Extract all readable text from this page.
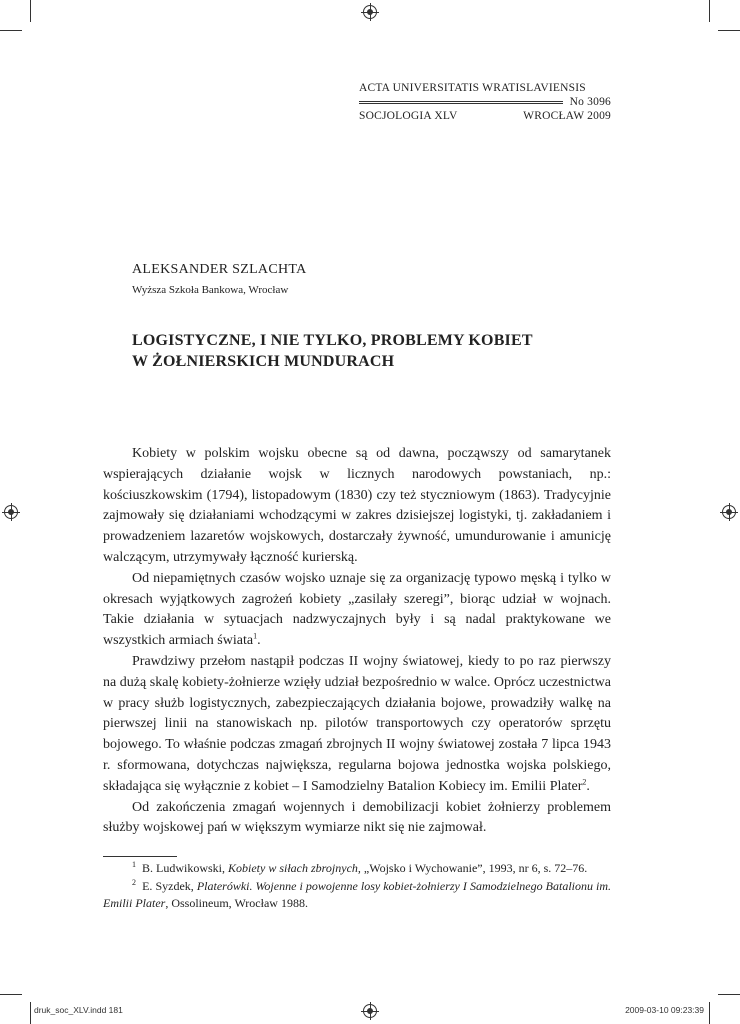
ACTA UNIVERSITATIS WRATISLAVIENSIS
No 3096
SOCJOLOGIA XLV	WROCŁAW 2009
ALEKSANDER SZLACHTA
Wyższa Szkoła Bankowa, Wrocław
LOGISTYCZNE, I NIE TYLKO, PROBLEMY KOBIET
W ŻOŁNIERSKICH MUNDURACH

Kobiety w polskim wojsku obecne są od dawna, począwszy od samarytanek wspierających działanie wojsk w licznych narodowych powstaniach, np.: kościuszkowskim (1794), listopadowym (1830) czy też styczniowym (1863). Tradycyjnie zajmowały się działaniami wchodzącymi w zakres dzisiejszej logistyki, tj. zakładaniem i prowadzeniem lazaretów wojskowych, dostarczały żywność, umundurowanie i amunicję walczącym, utrzymywały łączność kurierską.

Od niepamiętnych czasów wojsko uznaje się za organizację typowo męską i tylko w okresach wyjątkowych zagrożeń kobiety „zasilały szeregi”, biorąc udział w wojnach. Takie działania w sytuacjach nadzwyczajnych były i są nadal praktykowane we wszystkich armiach świata$^1$.

Prawdziwy przełom nastąpił podczas II wojny światowej, kiedy to po raz pierwszy na dużą skalę kobiety-żołnierze wzięły udział bezpośrednio w walce. Oprócz uczestnictwa w pracy służb logistycznych, zabezpieczających działania bojowe, prowadziły walkę na pierwszej linii na stanowiskach np. pilotów transportowych czy operatorów sprzętu bojowego. To właśnie podczas zmagań zbrojnych II wojny światowej została 7 lipca 1943 r. sformowana, dotychczas największa, regularna bojowa jednostka wojska polskiego, składająca się wyłącznie z kobiet – I Samodzielny Batalion Kobiecy im. Emilii Plater$^2$.

Od zakończenia zmagań wojennych i demobilizacji kobiet żołnierzy problemem służby wojskowej pań w większym wymiarze nikt się nie zajmował.

$^1$ B. Ludwikowski, Kobiety w siłach zbrojnych, „Wojsko i Wychowanie”, 1993, nr 6, s. 72–76.

$^2$ E. Syzdek, Platerówki. Wojenne i powojenne losy kobiet-żołnierzy I Samodzielnego Batalionu im. Emilii Plater, Ossolineum, Wrocław 1988.

druk_soc_XLV.indd 181	2009-03-10 09:23:39
